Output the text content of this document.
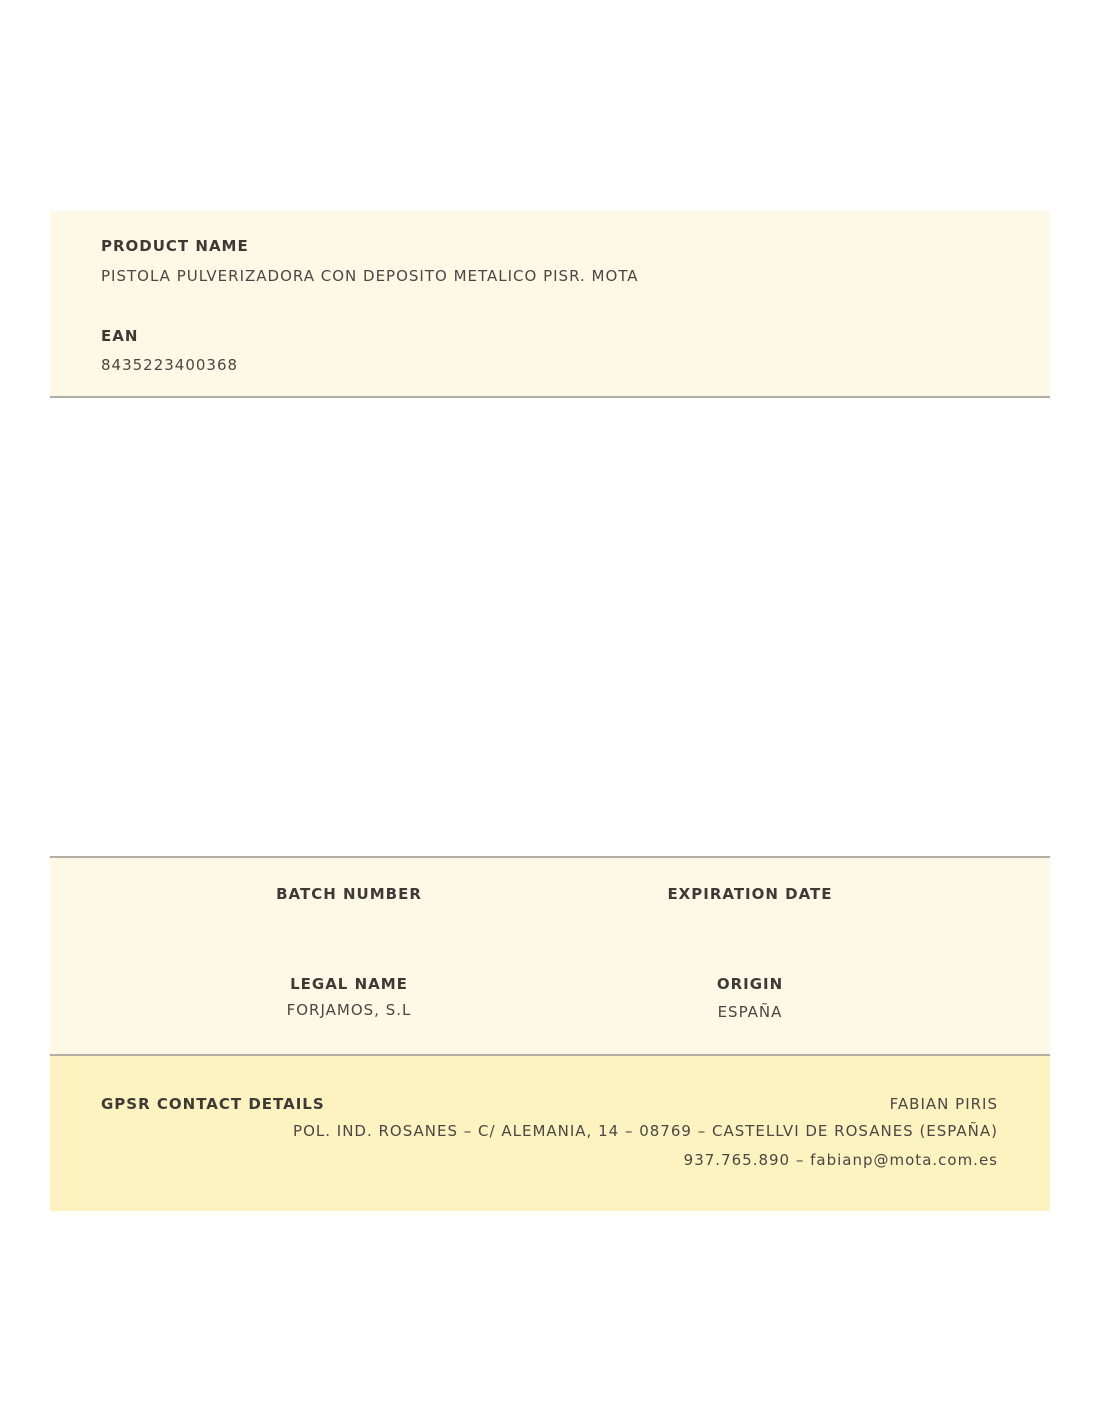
PRODUCT NAME
PISTOLA PULVERIZADORA CON DEPOSITO METALICO PISR. MOTA
EAN
8435223400368
BATCH NUMBER	EXPIRATION DATE
LEGAL NAME
FORJAMOS, S.L
ORIGIN
ESPAÑA
GPSR CONTACT DETAILS	FABIAN PIRIS
POL. IND. ROSANES – C/ ALEMANIA, 14 – 08769 – CASTELLVI DE ROSANES (ESPAÑA)
937.765.890 – fabianp@mota.com.es
